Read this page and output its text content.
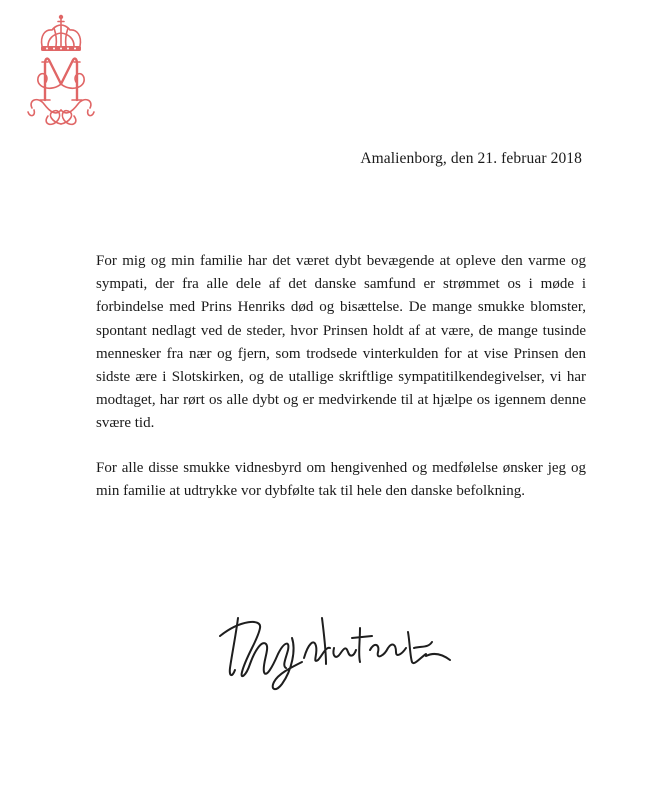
Amalienborg, den 21. februar 2018

For mig og min familie har det været dybt bevægende at opleve den varme og sympati, der fra alle dele af det danske samfund er strømmet os i møde i forbindelse med Prins Henriks død og bisættelse. De mange smukke blomster, spontant nedlagt ved de steder, hvor Prinsen holdt af at være, de mange tusinde mennesker fra nær og fjern, som trodsede vinterkulden for at vise Prinsen den sidste ære i Slotskirken, og de utallige skriftlige sympatitilkendegivelser, vi har modtaget, har rørt os alle dybt og er medvirkende til at hjælpe os igennem denne svære tid.

For alle disse smukke vidnesbyrd om hengivenhed og medfølelse ønsker jeg og min familie at udtrykke vor dybfølte tak til hele den danske befolkning.
